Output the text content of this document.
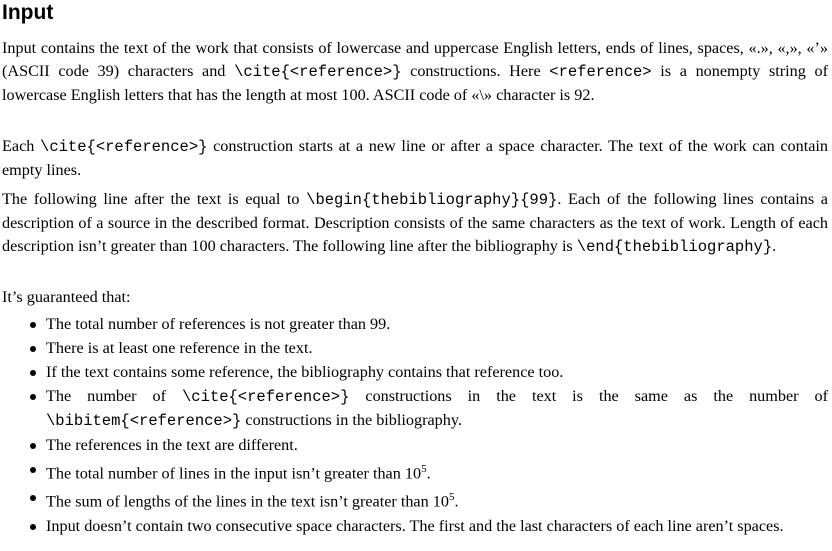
Input
Input contains the text of the work that consists of lowercase and uppercase English letters, ends of lines, spaces, «.», «,», «’» (ASCII code 39) characters and \cite{<reference>} constructions. Here <reference> is a nonempty string of lowercase English letters that has the length at most 100. ASCII code of «\» character is 92.
Each \cite{<reference>} construction starts at a new line or after a space character. The text of the work can contain empty lines.
The following line after the text is equal to \begin{thebibliography}{99}. Each of the following lines contains a description of a source in the described format. Description consists of the same characters as the text of work. Length of each description isn’t greater than 100 characters. The following line after the bibliography is \end{thebibliography}.
It’s guaranteed that:
The total number of references is not greater than 99.
There is at least one reference in the text.
If the text contains some reference, the bibliography contains that reference too.
The number of \cite{<reference>} constructions in the text is the same as the number of \bibitem{<reference>} constructions in the bibliography.
The references in the text are different.
The total number of lines in the input isn’t greater than $10^5$.
The sum of lengths of the lines in the text isn’t greater than $10^5$.
Input doesn’t contain two consecutive space characters. The first and the last characters of each line aren’t spaces.
